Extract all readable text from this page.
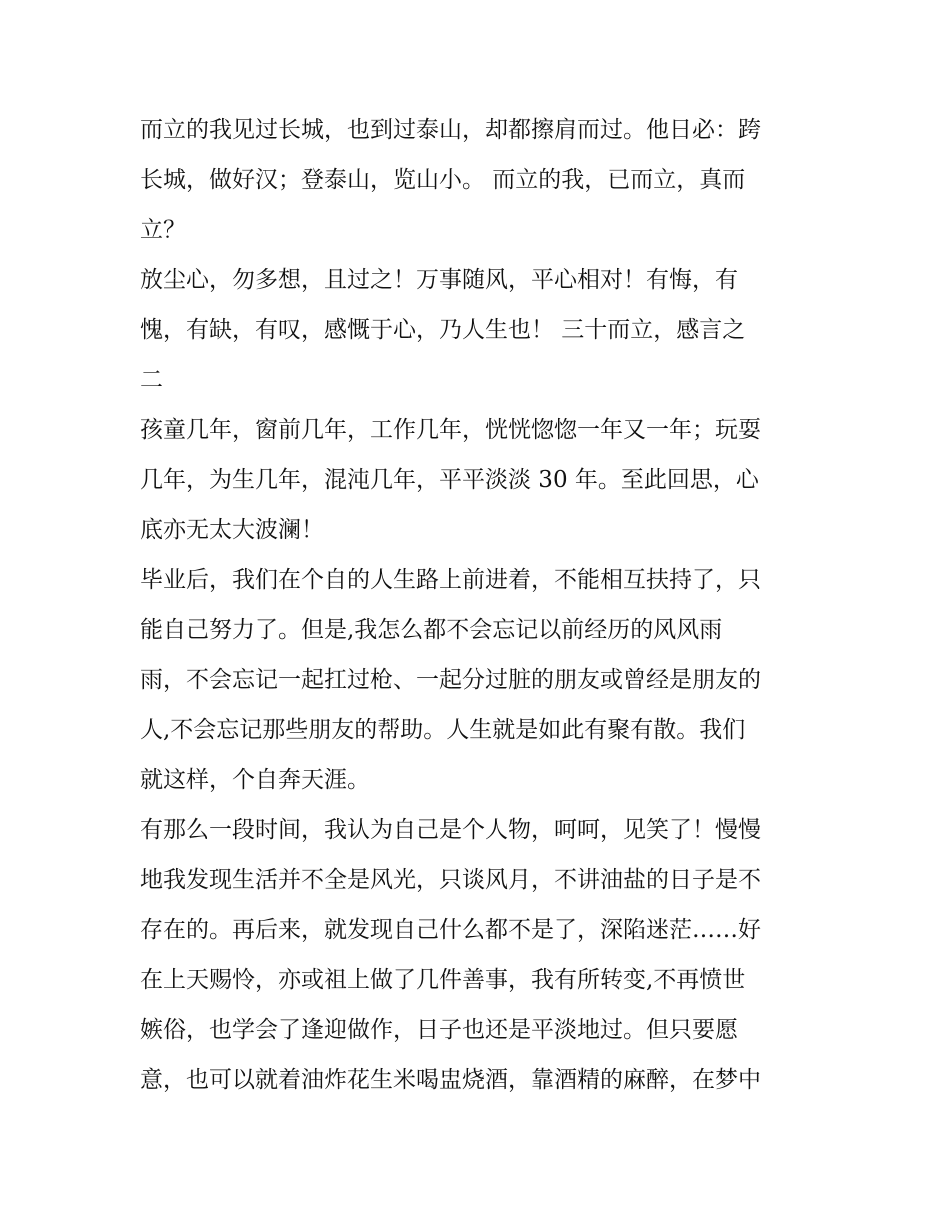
而立的我见过长城，也到过泰山，却都擦肩而过。他日必：跨
长城，做好汉；登泰山，览山小。 而立的我，已而立，真而
立？
放尘心，勿多想，且过之！万事随风，平心相对！有悔，有
愧，有缺，有叹，感慨于心，乃人生也！ 三十而立，感言之
二
孩童几年，窗前几年，工作几年，恍恍惚惚一年又一年；玩耍
几年，为生几年，混沌几年，平平淡淡 30 年。至此回思，心
底亦无太大波澜！
毕业后，我们在个自的人生路上前进着，不能相互扶持了，只
能自己努力了。但是,我怎么都不会忘记以前经历的风风雨
雨，不会忘记一起扛过枪、一起分过脏的朋友或曾经是朋友的
人,不会忘记那些朋友的帮助。人生就是如此有聚有散。我们
就这样，个自奔天涯。
有那么一段时间，我认为自己是个人物，呵呵，见笑了！慢慢
地我发现生活并不全是风光，只谈风月，不讲油盐的日子是不
存在的。再后来，就发现自己什么都不是了，深陷迷茫……好
在上天赐怜，亦或祖上做了几件善事，我有所转变,不再愤世
嫉俗，也学会了逢迎做作，日子也还是平淡地过。但只要愿
意，也可以就着油炸花生米喝盅烧酒，靠酒精的麻醉，在梦中
